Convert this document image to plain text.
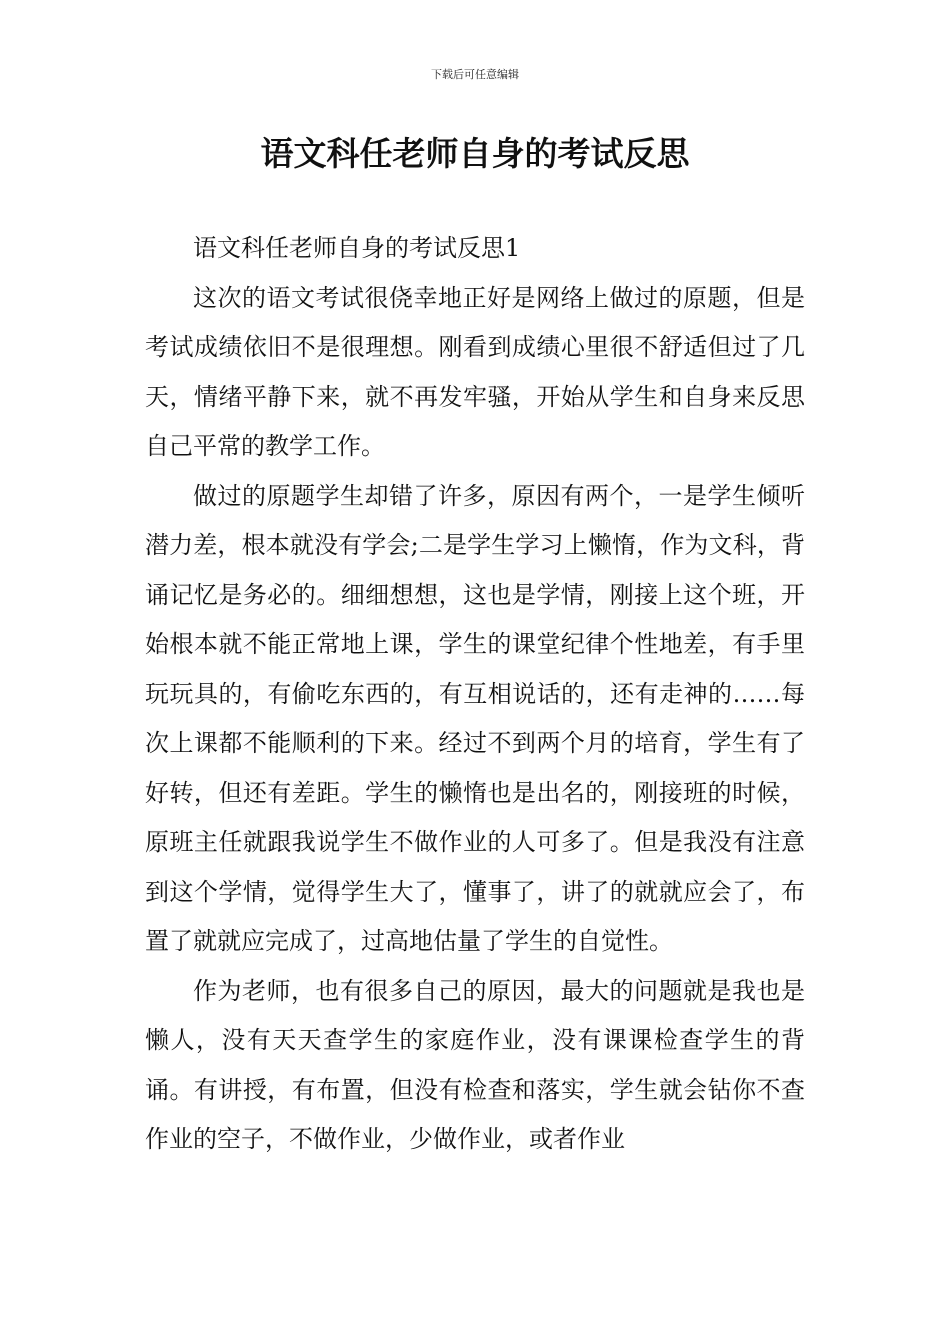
下载后可任意编辑
语文科任老师自身的考试反思

语文科任老师自身的考试反思1

这次的语文考试很侥幸地正好是网络上做过的原题，但是考试成绩依旧不是很理想。刚看到成绩心里很不舒适但过了几天，情绪平静下来，就不再发牢骚，开始从学生和自身来反思自己平常的教学工作。

做过的原题学生却错了许多，原因有两个，一是学生倾听潜力差，根本就没有学会;二是学生学习上懒惰，作为文科，背诵记忆是务必的。细细想想，这也是学情，刚接上这个班，开始根本就不能正常地上课，学生的课堂纪律个性地差，有手里玩玩具的，有偷吃东西的，有互相说话的，还有走神的……每次上课都不能顺利的下来。经过不到两个月的培育，学生有了好转，但还有差距。学生的懒惰也是出名的，刚接班的时候，原班主任就跟我说学生不做作业的人可多了。但是我没有注意到这个学情，觉得学生大了，懂事了，讲了的就就应会了，布置了就就应完成了，过高地估量了学生的自觉性。

作为老师，也有很多自己的原因，最大的问题就是我也是懒人，没有天天查学生的家庭作业，没有课课检查学生的背诵。有讲授，有布置，但没有检查和落实，学生就会钻你不查作业的空子，不做作业，少做作业，或者作业
